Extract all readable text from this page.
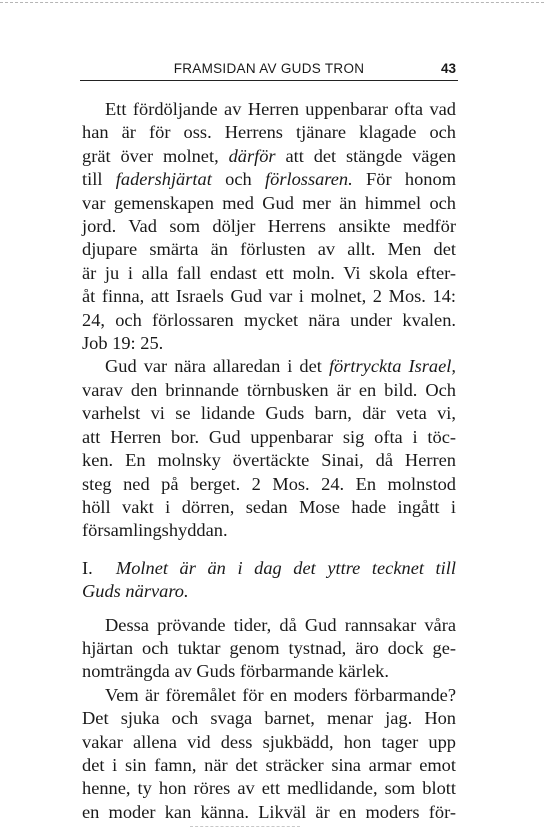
FRAMSIDAN AV GUDS TRON	43

Ett fördöljande av Herren uppenbarar ofta vad
han är för oss. Herrens tjänare klagade och
grät över molnet, därför att det stängde vägen
till fadershjärtat och förlossaren. För honom
var gemenskapen med Gud mer än himmel och
jord. Vad som döljer Herrens ansikte medför
djupare smärta än förlusten av allt. Men det
är ju i alla fall endast ett moln. Vi skola efter-
åt finna, att Israels Gud var i molnet, 2 Mos. 14:
24, och förlossaren mycket nära under kvalen.
Job 19: 25.

Gud var nära allaredan i det förtryckta Israel,
varav den brinnande törnbusken är en bild. Och
varhelst vi se lidande Guds barn, där veta vi,
att Herren bor. Gud uppenbarar sig ofta i töc-
ken. En molnsky övertäckte Sinai, då Herren
steg ned på berget. 2 Mos. 24. En molnstod
höll vakt i dörren, sedan Mose hade ingått i
församlingshyddan.

I. Molnet är än i dag det yttre tecknet till
Guds närvaro.

Dessa prövande tider, då Gud rannsakar våra
hjärtan och tuktar genom tystnad, äro dock ge-
nomträngda av Guds förbarmande kärlek.

Vem är föremålet för en moders förbarmande?
Det sjuka och svaga barnet, menar jag. Hon
vakar allena vid dess sjukbädd, hon tager upp
det i sin famn, när det sträcker sina armar emot
henne, ty hon röres av ett medlidande, som blott
en moder kan känna. Likväl är en moders för-
